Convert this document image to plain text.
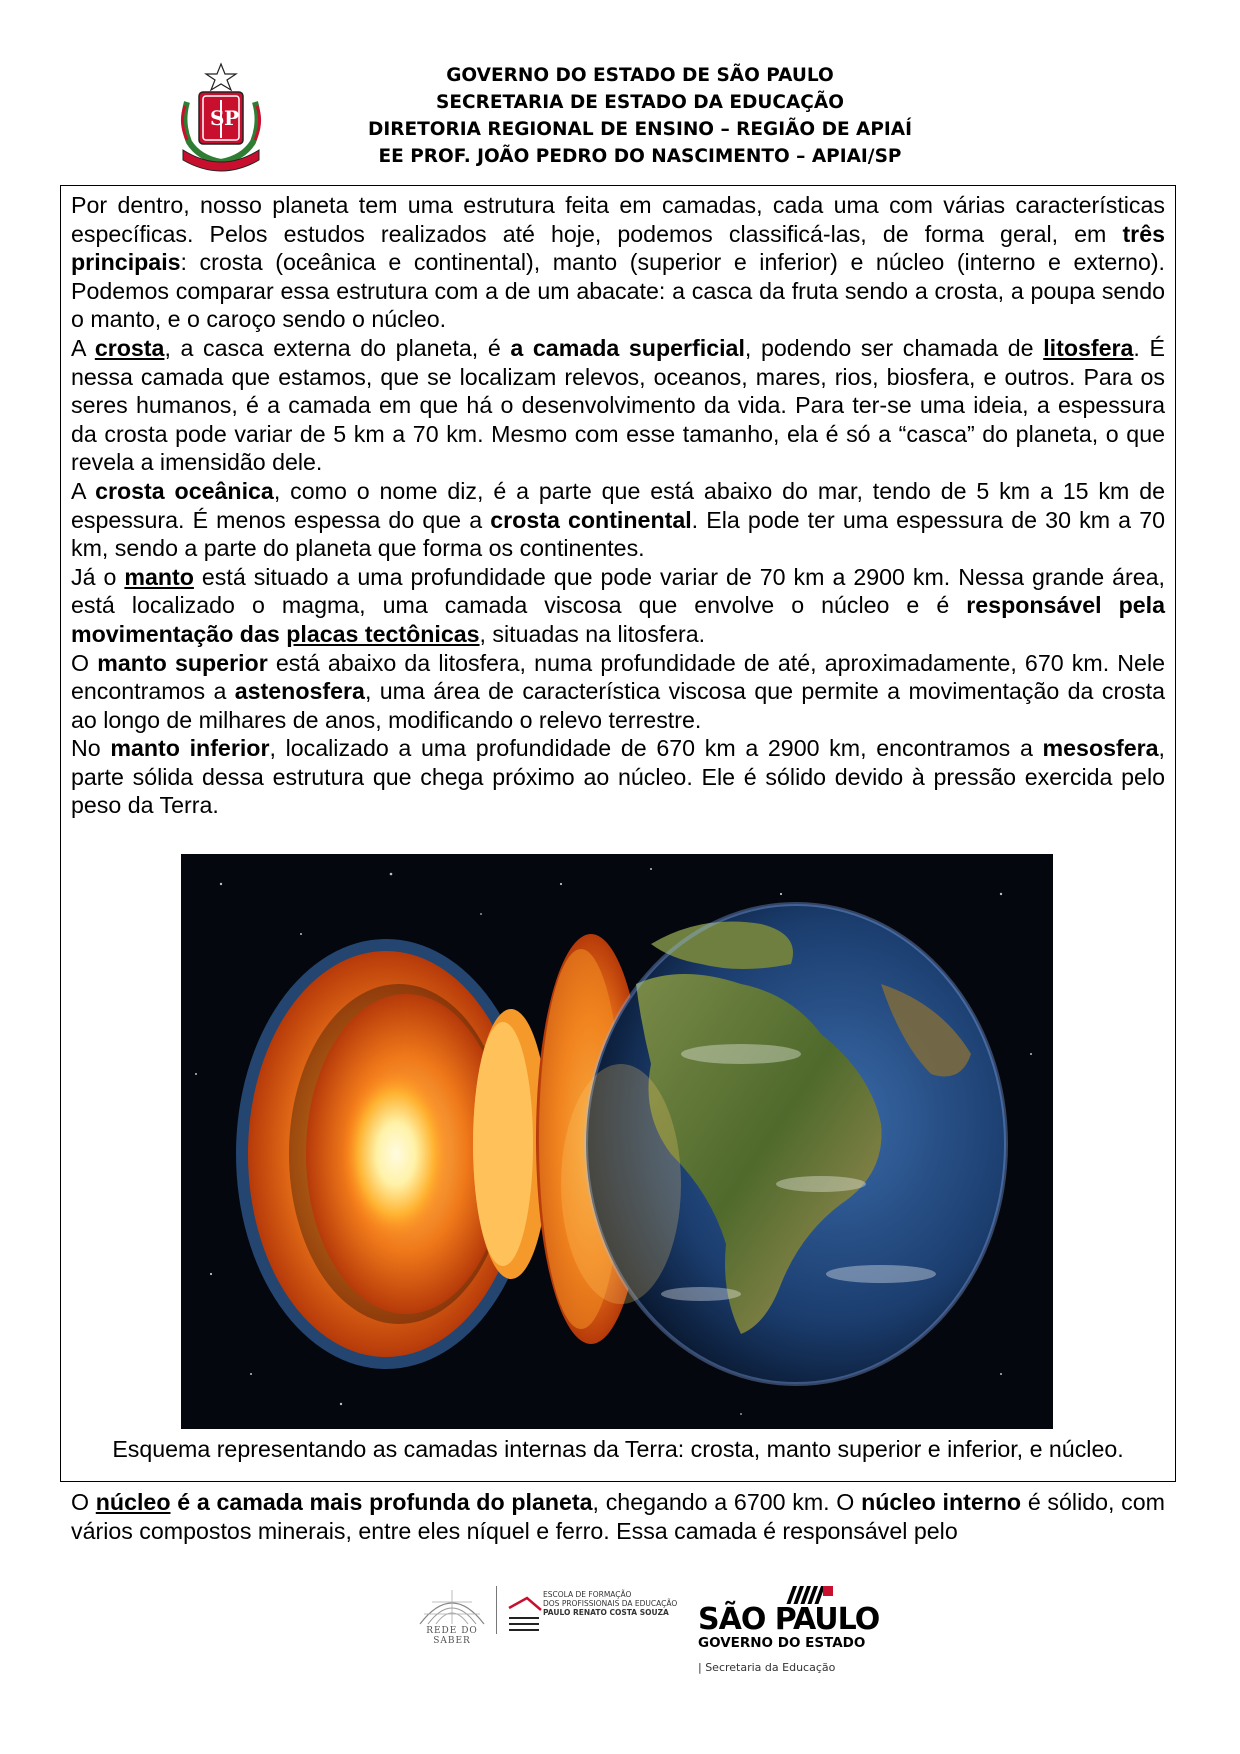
S P
GOVERNO DO ESTADO DE SÃO PAULO
SECRETARIA DE ESTADO DA EDUCAÇÃO
DIRETORIA REGIONAL DE ENSINO – REGIÃO DE APIAÍ
EE PROF. JOÃO PEDRO DO NASCIMENTO – APIAI/SP

Por dentro, nosso planeta tem uma estrutura feita em camadas, cada uma com várias características específicas. Pelos estudos realizados até hoje, podemos classificá-las, de forma geral, em três principais: crosta (oceânica e continental), manto (superior e inferior) e núcleo (interno e externo). Podemos comparar essa estrutura com a de um abacate: a casca da fruta sendo a crosta, a poupa sendo o manto, e o caroço sendo o núcleo.

A crosta, a casca externa do planeta, é a camada superficial, podendo ser chamada de litosfera. É nessa camada que estamos, que se localizam relevos, oceanos, mares, rios, biosfera, e outros. Para os seres humanos, é a camada em que há o desenvolvimento da vida. Para ter-se uma ideia, a espessura da crosta pode variar de 5 km a 70 km. Mesmo com esse tamanho, ela é só a “casca” do planeta, o que revela a imensidão dele.

A crosta oceânica, como o nome diz, é a parte que está abaixo do mar, tendo de 5 km a 15 km de espessura. É menos espessa do que a crosta continental. Ela pode ter uma espessura de 30 km a 70 km, sendo a parte do planeta que forma os continentes.

Já o manto está situado a uma profundidade que pode variar de 70 km a 2900 km. Nessa grande área, está localizado o magma, uma camada viscosa que envolve o núcleo e é responsável pela movimentação das placas tectônicas, situadas na litosfera.

O manto superior está abaixo da litosfera, numa profundidade de até, aproximadamente, 670 km. Nele encontramos a astenosfera, uma área de característica viscosa que permite a movimentação da crosta ao longo de milhares de anos, modificando o relevo terrestre.

No manto inferior, localizado a uma profundidade de 670 km a 2900 km, encontramos a mesosfera, parte sólida dessa estrutura que chega próximo ao núcleo. Ele é sólido devido à pressão exercida pelo peso da Terra.

Esquema representando as camadas internas da Terra: crosta, manto superior e inferior, e núcleo.

O núcleo é a camada mais profunda do planeta, chegando a 6700 km. O núcleo interno é sólido, com vários compostos minerais, entre eles níquel e ferro. Essa camada é responsável pelo

REDE DO SABER
ESCOLA DE FORMAÇÃO
DOS PROFISSIONAIS DA EDUCAÇÃO
PAULO RENATO COSTA SOUZA SÃO PAULO
GOVERNO DO ESTADO
| Secretaria da Educação
